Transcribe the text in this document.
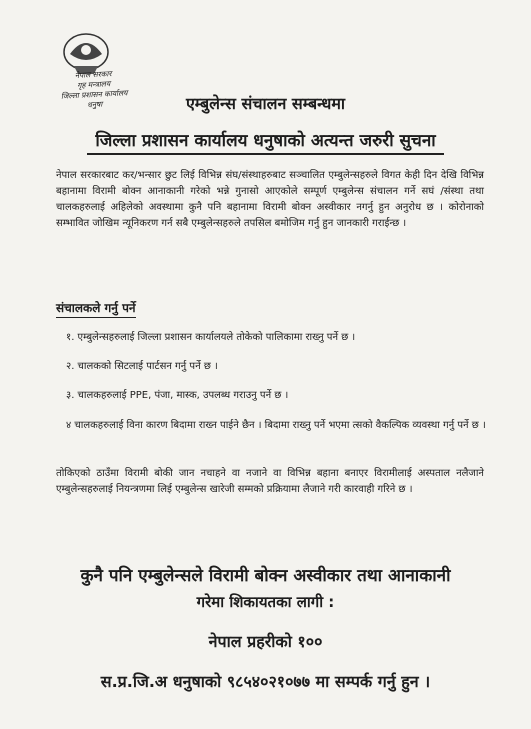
नेपाल सरकार
गृह मन्त्रालय
जिल्ला प्रशासन कार्यालय
धनुषा	एम्बुलेन्स संचालन सम्बन्धमा
जिल्ला प्रशासन कार्यालय धनुषाको अत्यन्त जरुरी सुचना
नेपाल सरकारबाट कर/भन्सार छुट लिई विभिन्न संघ/संस्थाहरुबाट सञ्चालित एम्बुलेन्सहरुले विगत केही दिन देखि विभिन्न बहानामा विरामी बोक्न आनाकानी गरेको भन्ने गुनासो आएकोले सम्पूर्ण एम्बुलेन्स संचालन गर्ने सघं /संस्था तथा चालकहरुलाई अहिलेको अवस्थामा कुनै पनि बहानामा विरामी बोक्न अस्वीकार नगर्नु हुन अनुरोध छ । कोरोनाको सम्भावित जोखिम न्यूनिकरण गर्न सबै एम्बुलेन्सहरुले तपसिल बमोजिम गर्नु हुन जानकारी गराईन्छ ।
संचालकले गर्नु पर्ने
१. एम्बुलेन्सहरुलाई जिल्ला प्रशासन कार्यालयले तोकेको पालिकामा राख्नु पर्ने छ ।
२. चालकको सिटलाई पार्टसन गर्नु पर्ने छ ।
३. चालकहरुलाई PPE, पंजा, मास्क, उपलब्ध गराउनु पर्ने छ ।
४ चालकहरुलाई विना कारण बिदामा राख्न पाईने छैन । बिदामा राख्नु पर्ने भएमा त्सको वैकल्पिक व्यवस्था गर्नु पर्ने छ ।
तोकिएको ठाउँमा विरामी बोकी जान नचाहने वा नजाने वा विभिन्न बहाना बनाएर विरामीलाई अस्पताल नलैजाने एम्बुलेन्सहरुलाई नियन्त्रणमा लिई एम्बुलेन्स खारेजी सम्मको प्रक्रियामा लैजाने गरी कारवाही गरिने छ ।
कुनै पनि एम्बुलेन्सले विरामी बोक्न अस्वीकार तथा आनाकानी
गरेमा शिकायतका लागी :
नेपाल प्रहरीको १००
स.प्र.जि.अ धनुषाको ९८५४०२१०७७ मा सम्पर्क गर्नु हुन ।
